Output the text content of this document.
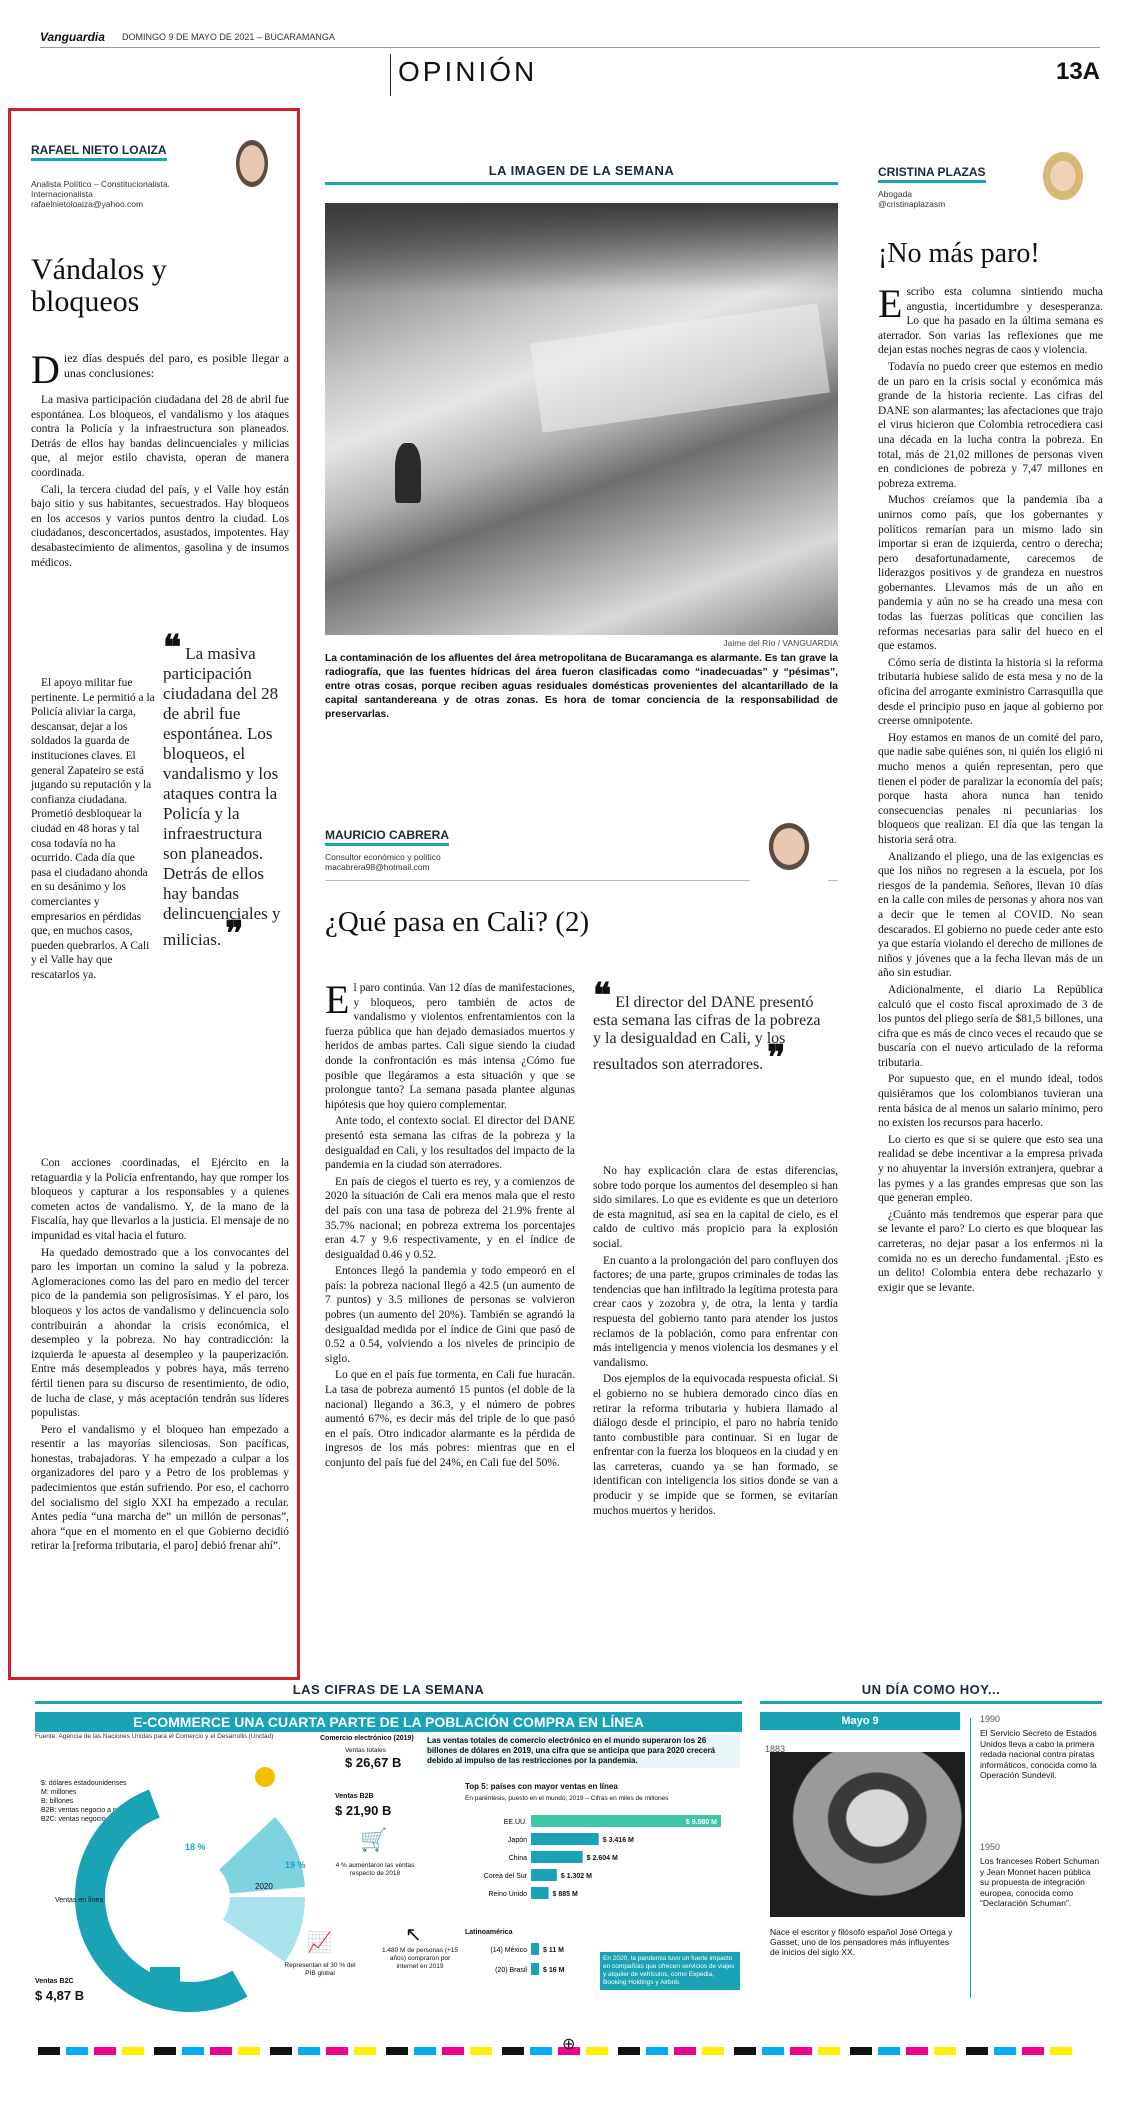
Vanguardia DOMINGO 9 DE MAYO DE 2021 – BUCARAMANGA
OPINIÓN	13A
RAFAEL NIETO LOAIZA
Analista Político – Constitucionalista.
Internacionalista
rafaelnietoloaiza@yahoo.com
Vándalos y bloqueos

Diez días después del paro, es posible llegar a unas conclusiones:

La masiva participación ciudadana del 28 de abril fue espontánea. Los bloqueos, el vandalismo y los ataques contra la Policía y la infraestructura son planeados. Detrás de ellos hay bandas delincuenciales y milicias que, al mejor estilo chavista, operan de manera coordinada.

Cali, la tercera ciudad del país, y el Valle hoy están bajo sitio y sus habitantes, secuestrados. Hay bloqueos en los accesos y varios puntos dentro la ciudad. Los ciudadanos, desconcertados, asustados, impotentes. Hay desabastecimiento de alimentos, gasolina y de insumos médicos.

El apoyo militar fue pertinente. Le permitió a la Policía aliviar la carga, descansar, dejar a los soldados la guarda de instituciones claves. El general Zapateiro se está jugando su reputación y la confianza ciudadana. Prometió desbloquear la ciudad en 48 horas y tal cosa todavía no ha ocurrido. Cada día que pasa el ciudadano ahonda en su desánimo y los comerciantes y empresarios en pérdidas que, en muchos casos, pueden quebrarlos. A Cali y el Valle hay que rescatarlos ya.

❝ La masiva participación ciudadana del 28 de abril fue espontánea. Los bloqueos, el vandalismo y los ataques contra la Policía y la infraestructura son planeados. Detrás de ellos hay bandas delincuenciales y milicias. ❞

Con acciones coordinadas, el Ejército en la retaguardia y la Policía enfrentando, hay que romper los bloqueos y capturar a los responsables y a quienes cometen actos de vandalismo. Y, de la mano de la Fiscalía, hay que llevarlos a la justicia. El mensaje de no impunidad es vital hacia el futuro.

Ha quedado demostrado que a los convocantes del paro les importan un comino la salud y la pobreza. Aglomeraciones como las del paro en medio del tercer pico de la pandemia son peligrosísimas. Y el paro, los bloqueos y los actos de vandalismo y delincuencia solo contribuirán a ahondar la crisis económica, el desempleo y la pobreza. No hay contradicción: la izquierda le apuesta al desempleo y la pauperización. Entre más desempleados y pobres haya, más terreno fértil tienen para su discurso de resentimiento, de odio, de lucha de clase, y más aceptación tendrán sus líderes populistas.

Pero el vandalismo y el bloqueo han empezado a resentir a las mayorías silenciosas. Son pacíficas, honestas, trabajadoras. Y ha empezado a culpar a los organizadores del paro y a Petro de los problemas y padecimientos que están sufriendo. Por eso, el cachorro del socialismo del siglo XXI ha empezado a recular. Antes pedía “una marcha de” un millón de personas”, ahora “que en el momento en el que Gobierno decidió retirar la [reforma tributaria, el paro] debió frenar ahí”.

LA IMAGEN DE LA SEMANA
Jaime del Río / VANGUARDIA
La contaminación de los afluentes del área metropolitana de Bucaramanga es alarmante. Es tan grave la radiografía, que las fuentes hídricas del área fueron clasificadas como “inadecuadas” y “pésimas”, entre otras cosas, porque reciben aguas residuales domésticas provenientes del alcantarillado de la capital santandereana y de otras zonas. Es hora de tomar conciencia de la responsabilidad de preservarlas.
MAURICIO CABRERA
Consultor económico y político
macabrera98@hotmail.com
¿Qué pasa en Cali? (2)

El paro continúa. Van 12 días de manifestaciones, y bloqueos, pero también de actos de vandalismo y violentos enfrentamientos con la fuerza pública que han dejado demasiados muertos y heridos de ambas partes. Cali sigue siendo la ciudad donde la confrontación es más intensa ¿Cómo fue posible que llegáramos a esta situación y que se prolongue tanto? La semana pasada plantee algunas hipótesis que hoy quiero complementar.

Ante todo, el contexto social. El director del DANE presentó esta semana las cifras de la pobreza y la desigualdad en Cali, y los resultados del impacto de la pandemia en la ciudad son aterradores.

En país de ciegos el tuerto es rey, y a comienzos de 2020 la situación de Cali era menos mala que el resto del país con una tasa de pobreza del 21.9% frente al 35.7% nacional; en pobreza extrema los porcentajes eran 4.7 y 9.6 respectivamente, y en el índice de desigualdad 0.46 y 0.52.

Entonces llegó la pandemia y todo empeoró en el país: la pobreza nacional llegó a 42.5 (un aumento de 7 puntos) y 3.5 millones de personas se volvieron pobres (un aumento del 20%). También se agrandó la desigualdad medida por el índice de Gini que pasó de 0.52 a 0.54, volviendo a los niveles de principio de siglo.

Lo que en el país fue tormenta, en Cali fue huracán. La tasa de pobreza aumentó 15 puntos (el doble de la nacional) llegando a 36.3, y el número de pobres aumentó 67%, es decir más del triple de lo que pasó en el país. Otro indicador alarmante es la pérdida de ingresos de los más pobres: mientras que en el conjunto del país fue del 24%, en Cali fue del 50%.

❝ El director del DANE presentó esta semana las cifras de la pobreza y la desigualdad en Cali, y los resultados son aterradores. ❞

No hay explicación clara de estas diferencias, sobre todo porque los aumentos del desempleo si han sido similares. Lo que es evidente es que un deterioro de esta magnitud, así sea en la capital de cielo, es el caldo de cultivo más propicio para la explosión social.

En cuanto a la prolongación del paro confluyen dos factores; de una parte, grupos criminales de todas las tendencias que han infiltrado la legítima protesta para crear caos y zozobra y, de otra, la lenta y tardía respuesta del gobierno tanto para atender los justos reclamos de la población, como para enfrentar con más inteligencia y menos violencia los desmanes y el vandalismo.

Dos ejemplos de la equivocada respuesta oficial. Si el gobierno no se hubiera demorado cinco días en retirar la reforma tributaria y hubiera llamado al diálogo desde el principio, el paro no habría tenido tanto combustible para continuar. Si en lugar de enfrentar con la fuerza los bloqueos en la ciudad y en las carreteras, cuando ya se han formado, se identifican con inteligencia los sitios donde se van a producir y se impide que se formen, se evitarían muchos muertos y heridos.

CRISTINA PLAZAS
Abogada
@cristinaplazasm
¡No más paro!

Escribo esta columna sintiendo mucha angustia, incertidumbre y desesperanza. Lo que ha pasado en la última semana es aterrador. Son varias las reflexiones que me dejan estas noches negras de caos y violencia.

Todavía no puedo creer que estemos en medio de un paro en la crisis social y económica más grande de la historia reciente. Las cifras del DANE son alarmantes; las afectaciones que trajo el virus hicieron que Colombia retrocediera casi una década en la lucha contra la pobreza. En total, más de 21,02 millones de personas viven en condiciones de pobreza y 7,47 millones en pobreza extrema.

Muchos creíamos que la pandemia iba a unirnos como país, que los gobernantes y políticos remarían para un mismo lado sin importar si eran de izquierda, centro o derecha; pero desafortunadamente, carecemos de liderazgos positivos y de grandeza en nuestros gobernantes. Llevamos más de un año en pandemia y aún no se ha creado una mesa con todas las fuerzas políticas que concilien las reformas necesarias para salir del hueco en el que estamos.

Cómo sería de distinta la historia si la reforma tributaria hubiese salido de esta mesa y no de la oficina del arrogante exministro Carrasquilla que desde el principio puso en jaque al gobierno por creerse omnipotente.

Hoy estamos en manos de un comité del paro, que nadie sabe quiénes son, ni quién los eligió ni mucho menos a quién representan, pero que tienen el poder de paralizar la economía del país; porque hasta ahora nunca han tenido consecuencias penales ni pecuniarias los bloqueos que realizan. El día que las tengan la historia será otra.

Analizando el pliego, una de las exigencias es que los niños no regresen a la escuela, por los riesgos de la pandemia. Señores, llevan 10 días en la calle con miles de personas y ahora nos van a decir que le temen al COVID. No sean descarados. El gobierno no puede ceder ante esto ya que estaría violando el derecho de millones de niños y jóvenes que a la fecha llevan más de un año sin estudiar.

Adicionalmente, el diario La República calculó que el costo fiscal aproximado de 3 de los puntos del pliego sería de $81,5 billones, una cifra que es más de cinco veces el recaudo que se buscaría con el nuevo articulado de la reforma tributaria.

Por supuesto que, en el mundo ideal, todos quisiéramos que los colombianos tuvieran una renta básica de al menos un salario mínimo, pero no existen los recursos para hacerlo.

Lo cierto es que si se quiere que esto sea una realidad se debe incentivar a la empresa privada y no ahuyentar la inversión extranjera, quebrar a las pymes y a las grandes empresas que son las que generan empleo.

¿Cuánto más tendremos que esperar para que se levante el paro? Lo cierto es que bloquear las carreteras, no dejar pasar a los enfermos ni la comida no es un derecho fundamental. ¡Esto es un delito! Colombia entera debe rechazarlo y exigir que se levante.

LAS CIFRAS DE LA SEMANA
E-COMMERCE UNA CUARTA PARTE DE LA POBLACIÓN COMPRA EN LÍNEA
Fuente: Agencia de las Naciones Unidas para el Comercio y el Desarrollo (Unctad)
$: dólares estadounidenses
M: millones
B: billones
B2B: ventas negocio a negocio
B2C: ventas negocio a consumidor
18 %
2019
2020
19 %
Ventas en línea
Ventas B2C
$ 4,87 B
Comercio electrónico (2019)
Ventas totales
$ 26,67 B
Ventas B2B
$ 21,90 B
🛒
4 % aumentaron las ventas respecto de 2018
📈
Representan el 30 % del PIB global
↖
1.480 M de personas (+15 años) compraron por internet en 2019
Las ventas totales de comercio electrónico en el mundo superaron los 26 billones de dólares en 2019, una cifra que se anticipa que para 2020 crecerá debido al impulso de las restricciones por la pandemia.
Top 5: países con mayor ventas en línea
En paréntesis, puesto en el mundo; 2019 – Cifras en miles de millones
Latinoamérica
EE.UU.	$ 9.580 M
Japón	$ 3.416 M
China	$ 2.604 M
Corea del Sur	$ 1.302 M
Reino Unido	$ 885 M
(14) México $ 11 M
(20) Brasil $ 16 M
En 2020, la pandemia tuvo un fuerte impacto en compañías que ofrecen servicios de viajes y alquiler de vehículos, como Expedia, Booking Holdings y Airbnb.
UN DÍA COMO HOY...
Mayo 9
1883
Nace el escritor y filósofo español José Ortega y Gasset, uno de los pensadores más influyentes de inicios del siglo XX.
1990
El Servicio Secreto de Estados Unidos lleva a cabo la primera redada nacional contra piratas informáticos, conocida como la Operación Sundevil.
1950
Los franceses Robert Schuman y Jean Monnet hacen pública su propuesta de integración europea, conocida como “Declaración Schuman”.

⊕
